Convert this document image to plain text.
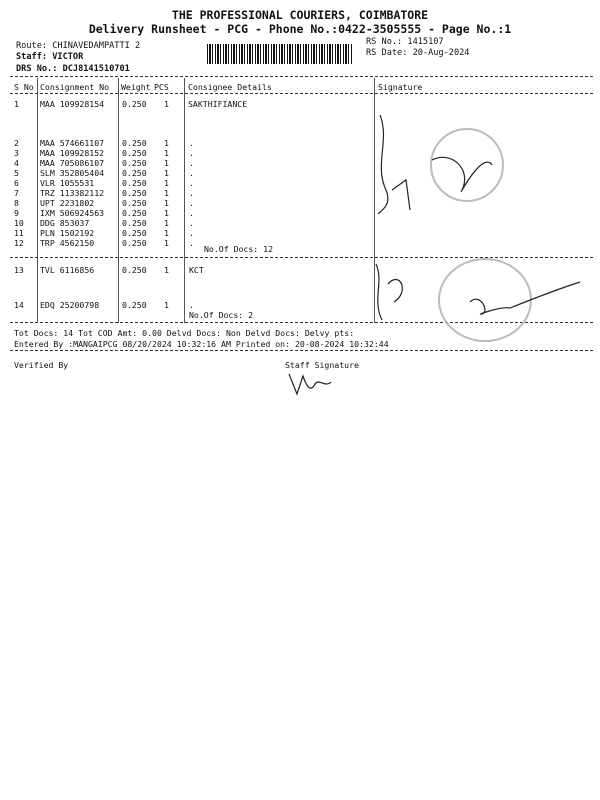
THE PROFESSIONAL COURIERS, COIMBATORE
Delivery Runsheet - PCG - Phone No.:0422-3505555 - Page No.:1
Route: CHINAVEDAMPATTI 2
Staff: VICTOR
DRS No.: DCJ8141510701
RS No.: 1415107
RS Date: 20-Aug-2024
S No Consignment No Weight PCS Consignee Details	Signature
1	MAA 109928154 0.250 1 SAKTHIFIANCE
2	MAA 574661107 0.250 1 .
3	MAA 109928152 0.250 1 .
4	MAA 705086107 0.250 1 .
5	SLM 352805404 0.250 1 .
6	VLR 1055531	0.250 1 .
7	TRZ 113382112 0.250 1 .
8	UPT 2231802	0.250 1 .
9	IXM 506924563 0.250 1 .
10 DDG 853037	0.250 1 .
11 PLN 1502192	0.250 1 .
12 TRP 4562150	0.250 1 .
No.Of Docs: 12
13 TVL 6116856	0.250 1 KCT
14 EDQ 25200798	0.250 1 .
No.Of Docs: 2
Tot Docs: 14 Tot COD Amt: 0.00 Delvd Docs: Non Delvd Docs: Delvy pts:
Entered By :MANGAIPCG 08/20/2024 10:32:16 AM Printed on: 20-08-2024 10:32:44
Verified By	Staff Signature
